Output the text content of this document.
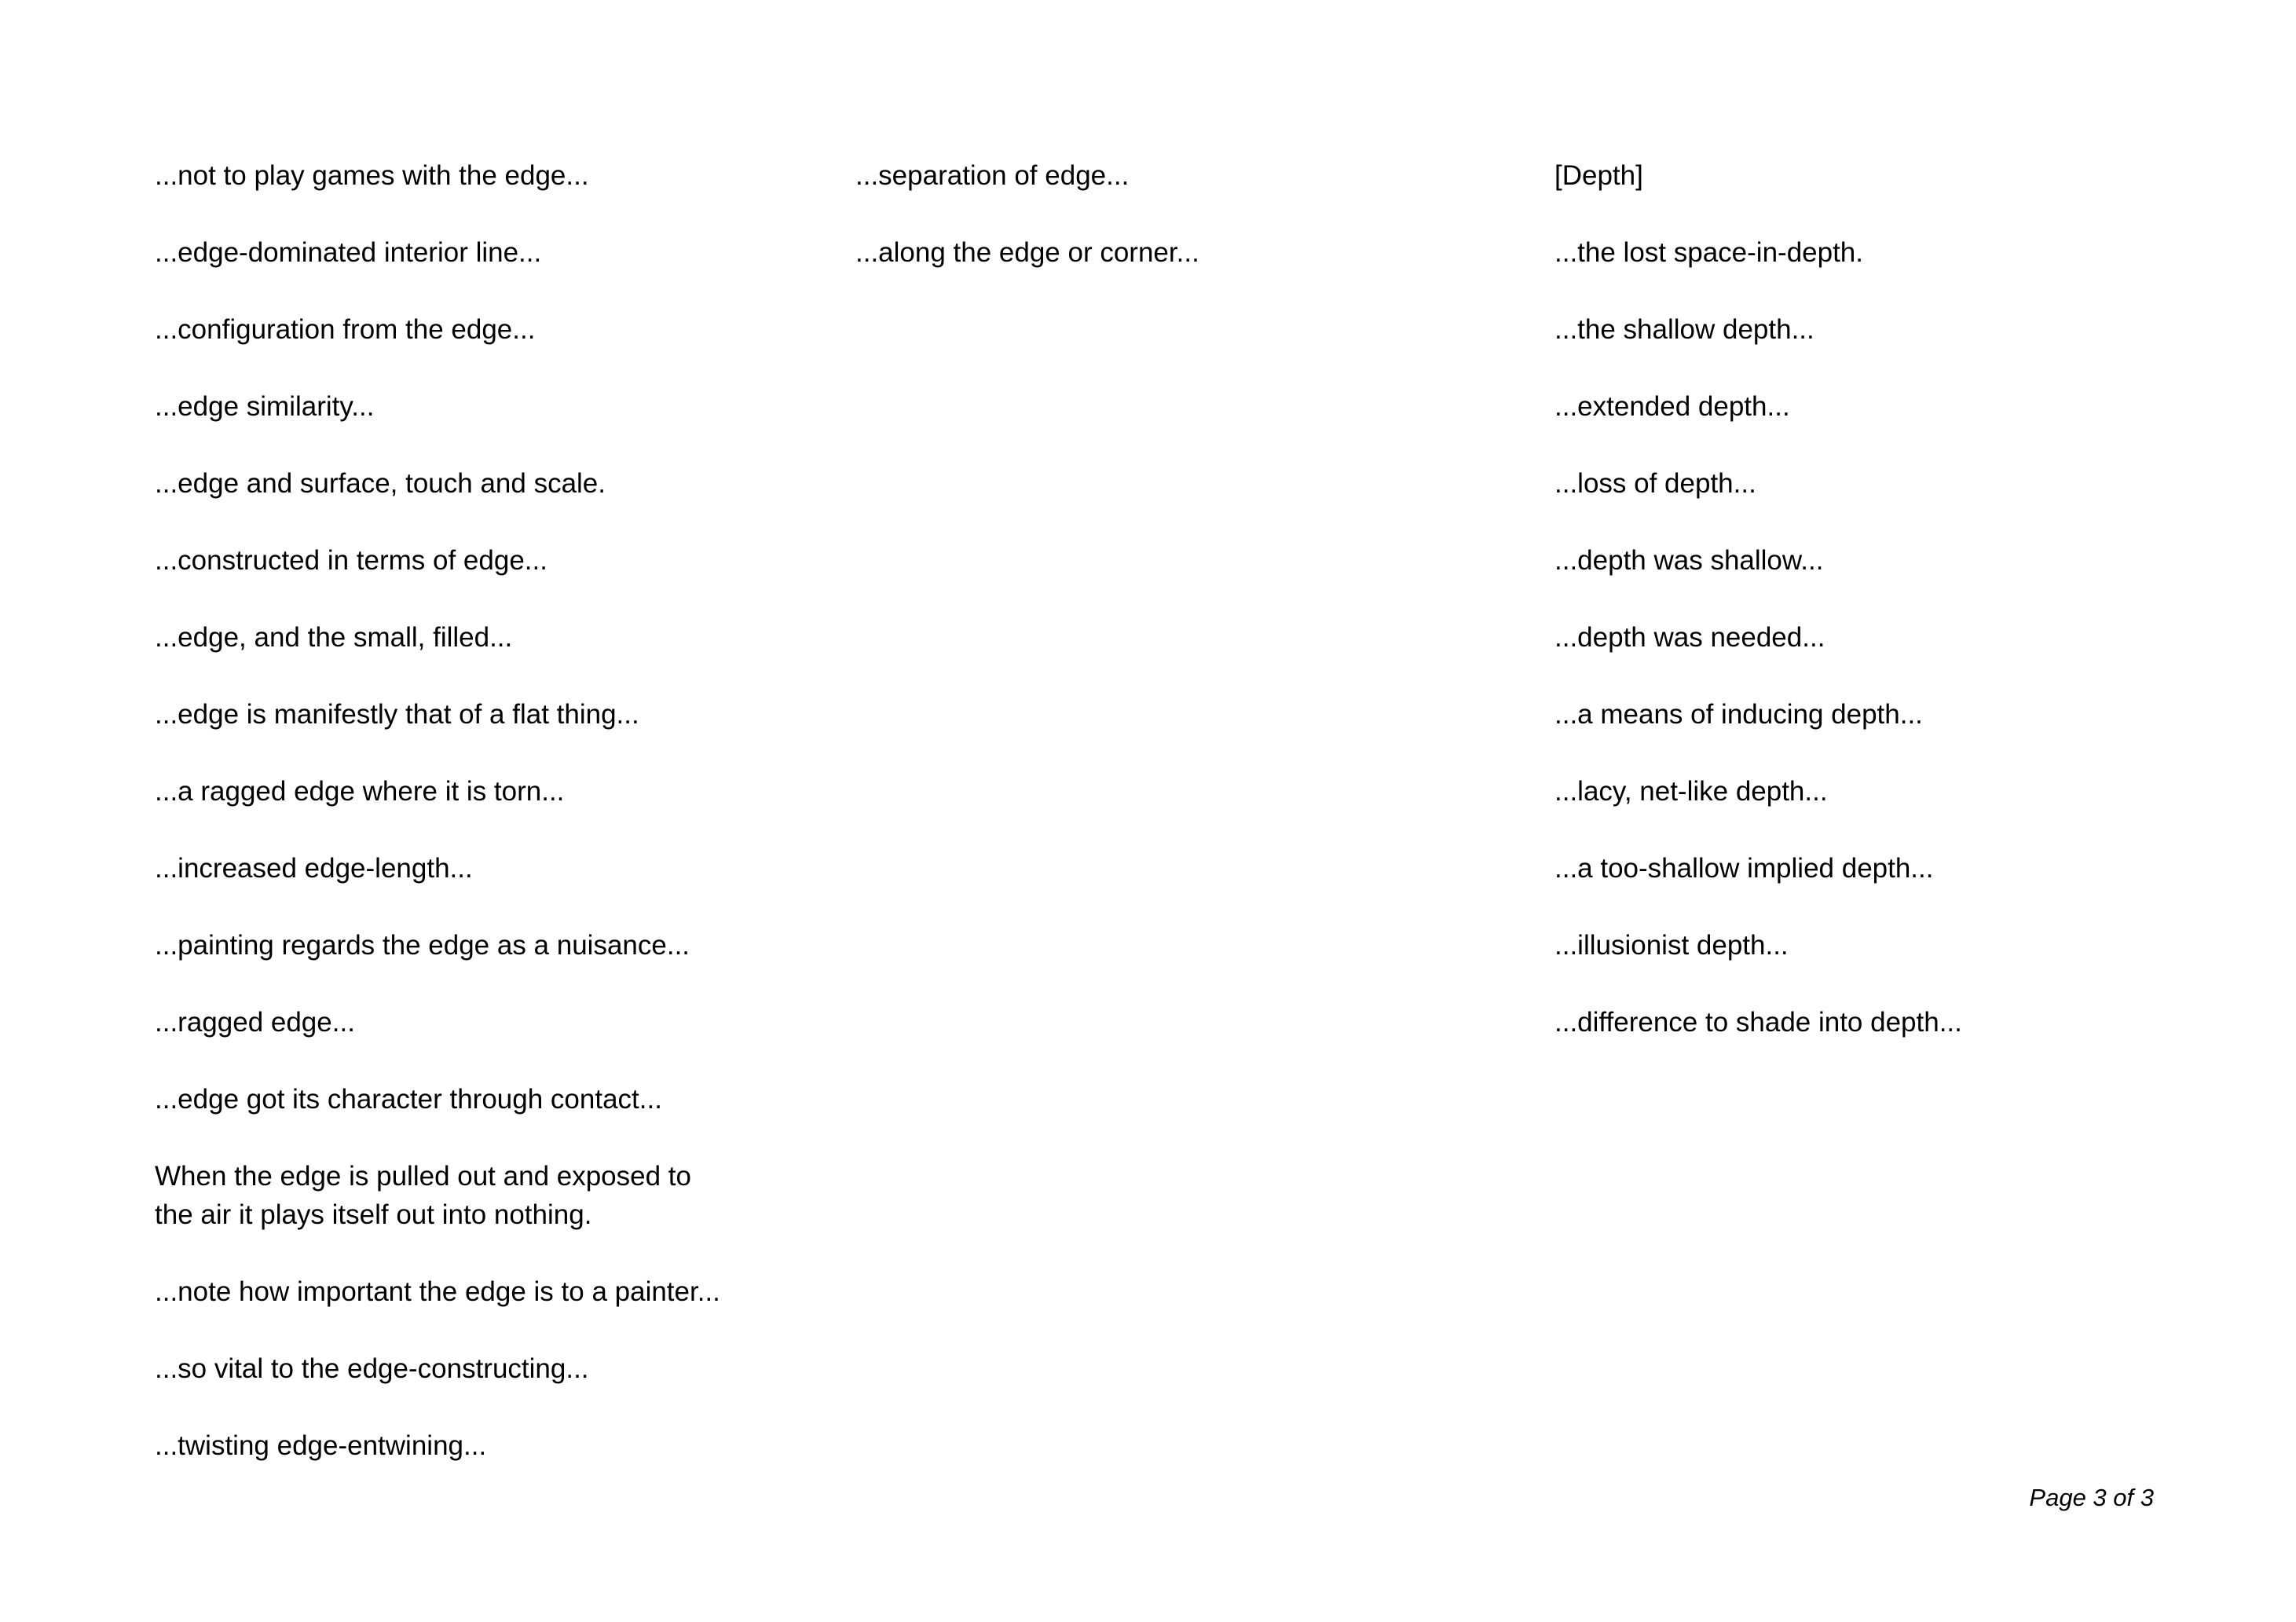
...not to play games with the edge...
...edge-dominated interior line...
...configuration from the edge...
...edge similarity...
...edge and surface, touch and scale.
...constructed in terms of edge...
...edge, and the small, filled...
...edge is manifestly that of a flat thing...
...a ragged edge where it is torn...
...increased edge-length...
...painting regards the edge as a nuisance...
...ragged edge...
...edge got its character through contact...
When the edge is pulled out and exposed to
the air it plays itself out into nothing.
...note how important the edge is to a painter...
...so vital to the edge-constructing...
...twisting edge-entwining...
...separation of edge...
...along the edge or corner...
[Depth]
...the lost space-in-depth.
...the shallow depth...
...extended depth...
...loss of depth...
...depth was shallow...
...depth was needed...
...a means of inducing depth...
...lacy, net-like depth...
...a too-shallow implied depth...
...illusionist depth...
...difference to shade into depth...
Page 3 of 3
